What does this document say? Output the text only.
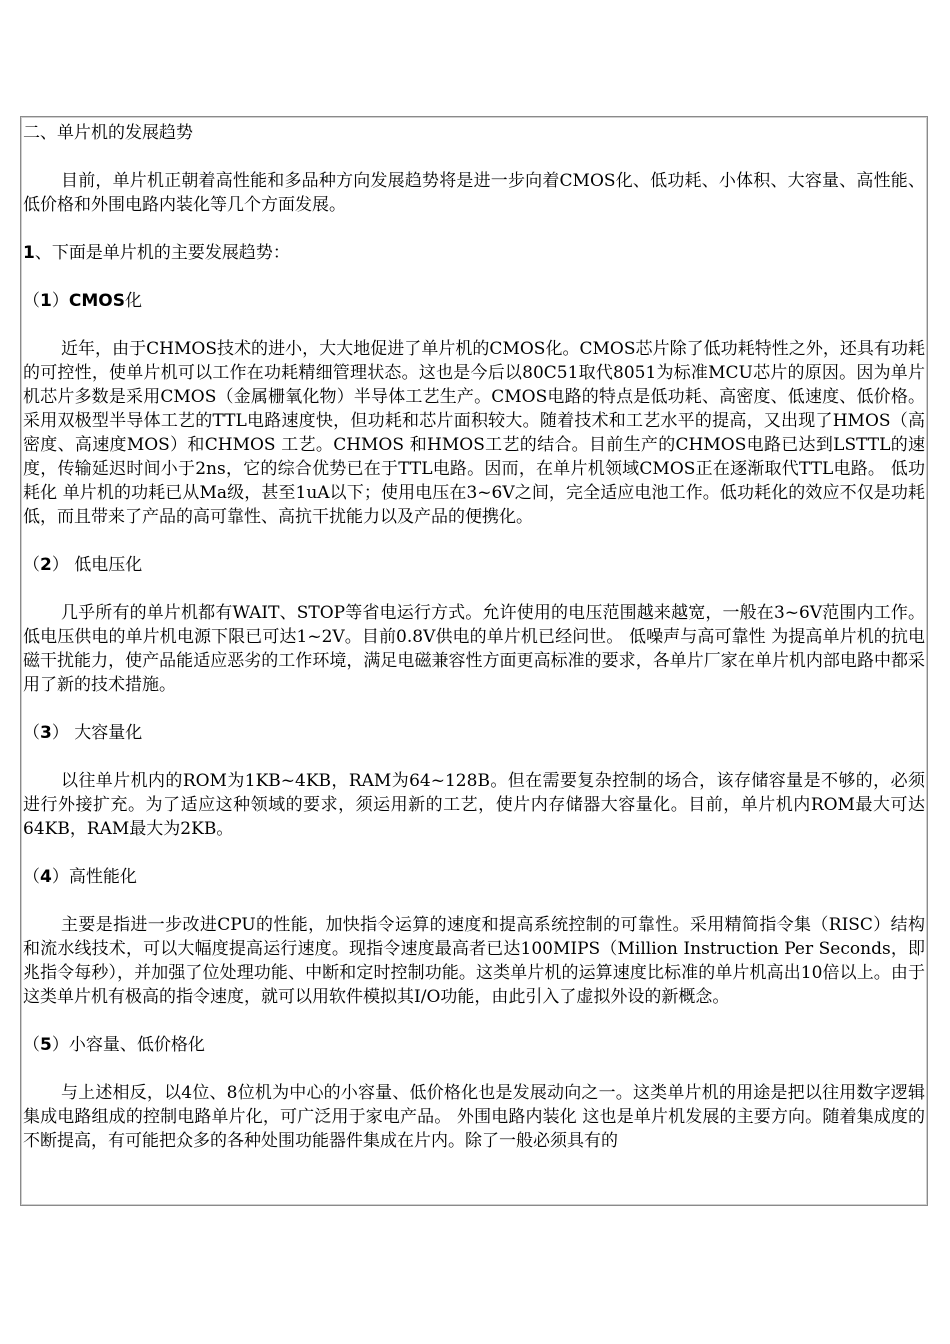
二、单片机的发展趋势

目前，单片机正朝着高性能和多品种方向发展趋势将是进一步向着CMOS化、低功耗、小体积、大容量、高性能、低价格和外围电路内装化等几个方面发展。

1、下面是单片机的主要发展趋势：

（1）CMOS化

近年，由于CHMOS技术的进小，大大地促进了单片机的CMOS化。CMOS芯片除了低功耗特性之外，还具有功耗的可控性，使单片机可以工作在功耗精细管理状态。这也是今后以80C51取代8051为标准MCU芯片的原因。因为单片机芯片多数是采用CMOS（金属栅氧化物）半导体工艺生产。CMOS电路的特点是低功耗、高密度、低速度、低价格。采用双极型半导体工艺的TTL电路速度快，但功耗和芯片面积较大。随着技术和工艺水平的提高，又出现了HMOS（高密度、高速度MOS）和CHMOS 工艺。CHMOS 和HMOS工艺的结合。目前生产的CHMOS电路已达到LSTTL的速度，传输延迟时间小于2ns，它的综合优势已在于TTL电路。因而，在单片机领域CMOS正在逐渐取代TTL电路。 低功耗化 单片机的功耗已从Ma级，甚至1uA以下；使用电压在3~6V之间，完全适应电池工作。低功耗化的效应不仅是功耗低，而且带来了产品的高可靠性、高抗干扰能力以及产品的便携化。

（2） 低电压化

几乎所有的单片机都有WAIT、STOP等省电运行方式。允许使用的电压范围越来越宽，一般在3~6V范围内工作。低电压供电的单片机电源下限已可达1~2V。目前0.8V供电的单片机已经问世。 低噪声与高可靠性 为提高单片机的抗电磁干扰能力，使产品能适应恶劣的工作环境，满足电磁兼容性方面更高标准的要求，各单片厂家在单片机内部电路中都采用了新的技术措施。

（3） 大容量化

以往单片机内的ROM为1KB~4KB，RAM为64~128B。但在需要复杂控制的场合，该存储容量是不够的，必须进行外接扩充。为了适应这种领域的要求，须运用新的工艺，使片内存储器大容量化。目前，单片机内ROM最大可达64KB，RAM最大为2KB。

（4）高性能化

主要是指进一步改进CPU的性能，加快指令运算的速度和提高系统控制的可靠性。采用精简指令集（RISC）结构和流水线技术，可以大幅度提高运行速度。现指令速度最高者已达100MIPS（Million Instruction Per Seconds，即兆指令每秒），并加强了位处理功能、中断和定时控制功能。这类单片机的运算速度比标准的单片机高出10倍以上。由于这类单片机有极高的指令速度，就可以用软件模拟其I/O功能，由此引入了虚拟外设的新概念。

（5）小容量、低价格化

与上述相反，以4位、8位机为中心的小容量、低价格化也是发展动向之一。这类单片机的用途是把以往用数字逻辑集成电路组成的控制电路单片化，可广泛用于家电产品。 外围电路内装化 这也是单片机发展的主要方向。随着集成度的不断提高，有可能把众多的各种处围功能器件集成在片内。除了一般必须具有的
